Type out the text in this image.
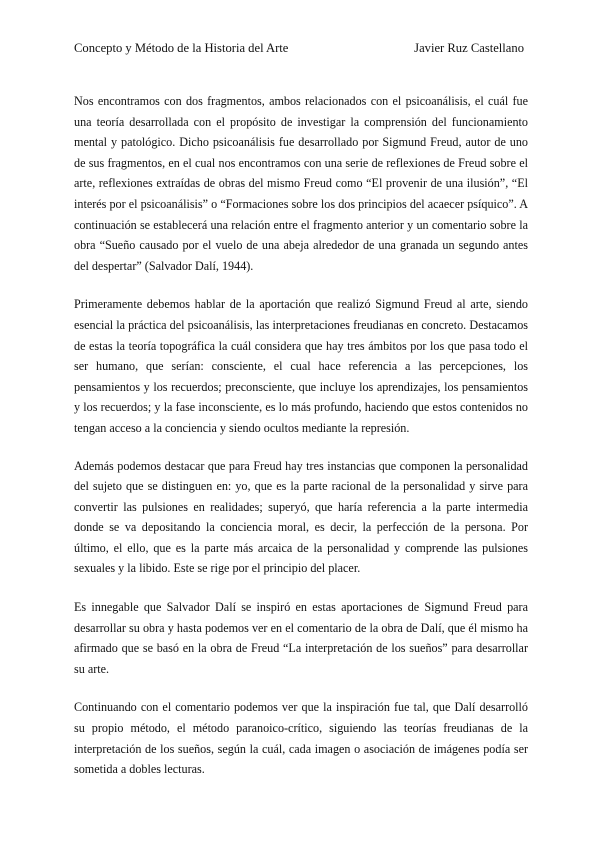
Concepto y Método de la Historia del Arte	Javier Ruz Castellano

Nos encontramos con dos fragmentos, ambos relacionados con el psicoanálisis, el cuál fue una teoría desarrollada con el propósito de investigar la comprensión del funcionamiento mental y patológico. Dicho psicoanálisis fue desarrollado por Sigmund Freud, autor de uno de sus fragmentos, en el cual nos encontramos con una serie de reflexiones de Freud sobre el arte, reflexiones extraídas de obras del mismo Freud como “El provenir de una ilusión”, “El interés por el psicoanálisis” o “Formaciones sobre los dos principios del acaecer psíquico”. A continuación se establecerá una relación entre el fragmento anterior y un comentario sobre la obra “Sueño causado por el vuelo de una abeja alrededor de una granada un segundo antes del despertar” (Salvador Dalí, 1944).

Primeramente debemos hablar de la aportación que realizó Sigmund Freud al arte, siendo esencial la práctica del psicoanálisis, las interpretaciones freudianas en concreto. Destacamos de estas la teoría topográfica la cuál considera que hay tres ámbitos por los que pasa todo el ser humano, que serían: consciente, el cual hace referencia a las percepciones, los pensamientos y los recuerdos; preconsciente, que incluye los aprendizajes, los pensamientos y los recuerdos; y la fase inconsciente, es lo más profundo, haciendo que estos contenidos no tengan acceso a la conciencia y siendo ocultos mediante la represión.

Además podemos destacar que para Freud hay tres instancias que componen la personalidad del sujeto que se distinguen en: yo, que es la parte racional de la personalidad y sirve para convertir las pulsiones en realidades; superyó, que haría referencia a la parte intermedia donde se va depositando la conciencia moral, es decir, la perfección de la persona. Por último, el ello, que es la parte más arcaica de la personalidad y comprende las pulsiones sexuales y la libido. Este se rige por el principio del placer.

Es innegable que Salvador Dalí se inspiró en estas aportaciones de Sigmund Freud para desarrollar su obra y hasta podemos ver en el comentario de la obra de Dalí, que él mismo ha afirmado que se basó en la obra de Freud “La interpretación de los sueños” para desarrollar su arte.

Continuando con el comentario podemos ver que la inspiración fue tal, que Dalí desarrolló su propio método, el método paranoico-crítico, siguiendo las teorías freudianas de la interpretación de los sueños, según la cuál, cada imagen o asociación de imágenes podía ser sometida a dobles lecturas.
